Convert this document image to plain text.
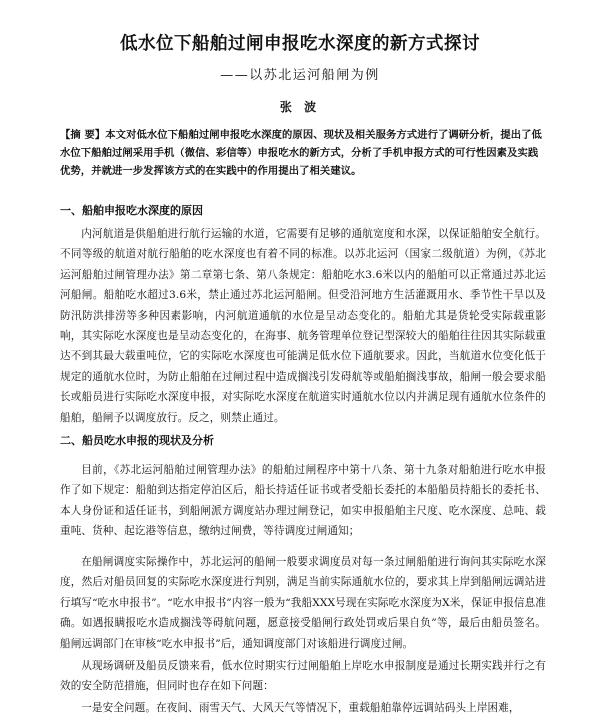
低水位下船舶过闸申报吃水深度的新方式探讨
——以苏北运河船闸为例
张 波
【摘 要】本文对低水位下船舶过闸申报吃水深度的原因、现状及相关服务方式进行了调研分析，提出了低水位下船舶过闸采用手机（微信、彩信等）申报吃水的新方式，分析了手机申报方式的可行性因素及实践优势，并就进一步发挥该方式的在实践中的作用提出了相关建议。
一、船舶申报吃水深度的原因
内河航道是供船舶进行航行运输的水道，它需要有足够的通航宽度和水深，以保证船舶安全航行。不同等级的航道对航行船舶的吃水深度也有着不同的标准。以苏北运河（国家二级航道）为例，《苏北运河船舶过闸管理办法》第二章第七条、第八条规定：船舶吃水3.6米以内的船舶可以正常通过苏北运河船闸。船舶吃水超过3.6米，禁止通过苏北运河船闸。但受沿河地方生活灌溉用水、季节性干旱以及防汛防洪排涝等多种因素影响，内河航道通航的水位是呈动态变化的。船舶尤其是货轮受实际载重影响，其实际吃水深度也是呈动态变化的，在海事、航务管理单位登记型深较大的船舶往往因其实际载重达不到其最大载重吨位，它的实际吃水深度也可能满足低水位下通航要求。因此，当航道水位变化低于规定的通航水位时，为防止船舶在过闸过程中造成搁浅引发碍航等或船舶搁浅事故，船闸一般会要求船长或船员进行实际吃水深度申报，对实际吃水深度在航道实时通航水位以内并满足现有通航水位条件的船舶，船闸予以调度放行。反之，则禁止通过。
二、船员吃水申报的现状及分析
目前，《苏北运河船舶过闸管理办法》的船舶过闸程序中第十八条、第十九条对船舶进行吃水申报作了如下规定：船舶到达指定停泊区后，船长持适任证书或者受船长委托的本船船员持船长的委托书、本人身份证和适任证书，到船闸派方调度站办理过闸登记，如实申报船舶主尺度、吃水深度、总吨、载重吨、货种、起讫港等信息，缴纳过闸费，等待调度过闸通知；
在船闸调度实际操作中，苏北运河的船闸一般要求调度员对每一条过闸船舶进行询问其实际吃水深度，然后对船员回复的实际吃水深度进行判别，满足当前实际通航水位的，要求其上岸到船闸远调站进行填写“吃水申报书”。“吃水申报书”内容一般为“我船XXX号现在实际吃水深度为X米，保证申报信息准确。如遇报瞒报吃水造成搁浅等碍航问题，愿意接受船闸行政处罚或后果自负”等，最后由船员签名。船闸远调部门在审核“吃水申报书”后，通知调度部门对该船进行调度过闸。
从现场调研及船员反馈来看，低水位时期实行过闸船舶上岸吃水申报制度是通过长期实践并行之有效的安全防范措施，但同时也存在如下问题：
一是安全问题。在夜间、雨雪天气、大风天气等情况下，重载船舶靠停远调站码头上岸困难，
